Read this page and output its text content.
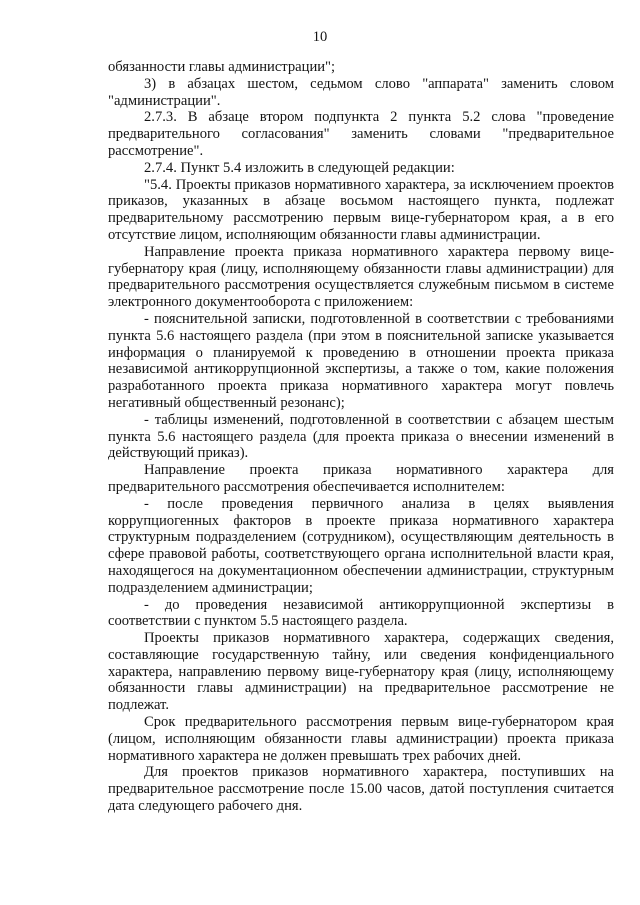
10

обязанности главы администрации";

3) в абзацах шестом, седьмом слово "аппарата" заменить словом "администрации".

2.7.3. В абзаце втором подпункта 2 пункта 5.2 слова "проведение предварительного согласования" заменить словами "предварительное рассмотрение".

2.7.4. Пункт 5.4 изложить в следующей редакции:

"5.4. Проекты приказов нормативного характера, за исключением проектов приказов, указанных в абзаце восьмом настоящего пункта, подлежат предварительному рассмотрению первым вице-губернатором края, а в его отсутствие лицом, исполняющим обязанности главы администрации.

Направление проекта приказа нормативного характера первому вице-губернатору края (лицу, исполняющему обязанности главы администрации) для предварительного рассмотрения осуществляется служебным письмом в системе электронного документооборота с приложением:

- пояснительной записки, подготовленной в соответствии с требованиями пункта 5.6 настоящего раздела (при этом в пояснительной записке указывается информация о планируемой к проведению в отношении проекта приказа независимой антикоррупционной экспертизы, а также о том, какие положения разработанного проекта приказа нормативного характера могут повлечь негативный общественный резонанс);

- таблицы изменений, подготовленной в соответствии с абзацем шестым пункта 5.6 настоящего раздела (для проекта приказа о внесении изменений в действующий приказ).

Направление проекта приказа нормативного характера для предварительного рассмотрения обеспечивается исполнителем:

- после проведения первичного анализа в целях выявления коррупциогенных факторов в проекте приказа нормативного характера структурным подразделением (сотрудником), осуществляющим деятельность в сфере правовой работы, соответствующего органа исполнительной власти края, находящегося на документационном обеспечении администрации, структурным подразделением администрации;

- до проведения независимой антикоррупционной экспертизы в соответствии с пунктом 5.5 настоящего раздела.

Проекты приказов нормативного характера, содержащих сведения, составляющие государственную тайну, или сведения конфиденциального характера, направлению первому вице-губернатору края (лицу, исполняющему обязанности главы администрации) на предварительное рассмотрение не подлежат.

Срок предварительного рассмотрения первым вице-губернатором края (лицом, исполняющим обязанности главы администрации) проекта приказа нормативного характера не должен превышать трех рабочих дней.

Для проектов приказов нормативного характера, поступивших на предварительное рассмотрение после 15.00 часов, датой поступления считается дата следующего рабочего дня.
